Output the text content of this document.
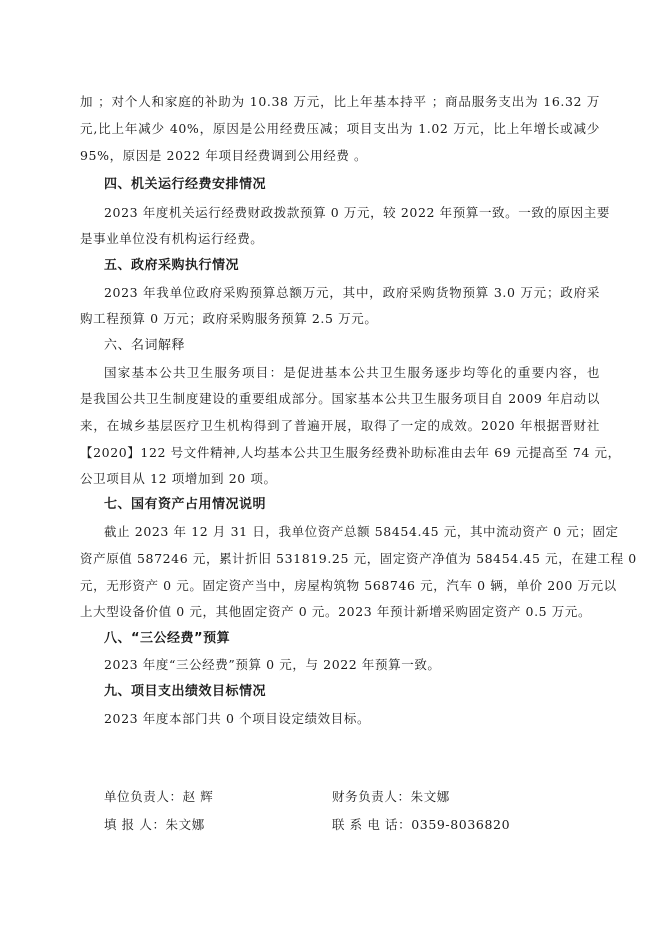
加 ；对个人和家庭的补助为 10.38 万元，比上年基本持平 ；商品服务支出为 16.32 万
元,比上年减少 40%，原因是公用经费压减；项目支出为 1.02 万元，比上年增长或减少
95%，原因是 2022 年项目经费调到公用经费 。
四、机关运行经费安排情况
2023 年度机关运行经费财政拨款预算 0 万元，较 2022 年预算一致。一致的原因主要
是事业单位没有机构运行经费。
五、政府采购执行情况
2023 年我单位政府采购预算总额万元，其中，政府采购货物预算 3.0 万元；政府采
购工程预算 0 万元；政府采购服务预算 2.5 万元。
六、名词解释
国家基本公共卫生服务项目：是促进基本公共卫生服务逐步均等化的重要内容，也
是我国公共卫生制度建设的重要组成部分。国家基本公共卫生服务项目自 2009 年启动以
来，在城乡基层医疗卫生机构得到了普遍开展，取得了一定的成效。2020 年根据晋财社
【2020】122 号文件精神,人均基本公共卫生服务经费补助标准由去年 69 元提高至 74 元，
公卫项目从 12 项增加到 20 项。
七、国有资产占用情况说明
截止 2023 年 12 月 31 日，我单位资产总额 58454.45 元，其中流动资产 0 元；固定
资产原值 587246 元，累计折旧 531819.25 元，固定资产净值为 58454.45 元，在建工程 0
元，无形资产 0 元。固定资产当中，房屋构筑物 568746 元，汽车 0 辆，单价 200 万元以
上大型设备价值 0 元，其他固定资产 0 元。2023 年预计新增采购固定资产 0.5 万元。
八、“三公经费”预算
2023 年度“三公经费”预算 0 元，与 2022 年预算一致。
九、项目支出绩效目标情况
2023 年度本部门共 0 个项目设定绩效目标。
单位负责人：赵 辉	财务负责人：朱文娜
填 报 人：朱文娜	联 系 电 话：0359-8036820
